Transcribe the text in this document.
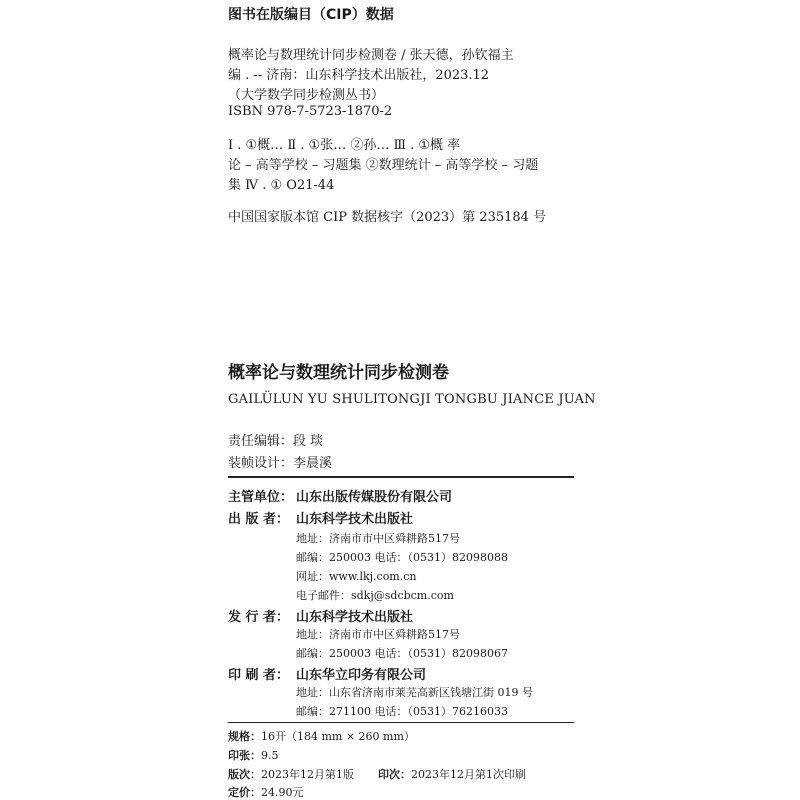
图书在版编目（CIP）数据
概率论与数理统计同步检测卷 / 张天德，孙钦福主
编 . -- 济南：山东科学技术出版社，2023.12
（大学数学同步检测丛书）
ISBN 978-7-5723-1870-2
Ⅰ . ①概… Ⅱ . ①张… ②孙… Ⅲ . ①概 率
论 – 高等学校 – 习题集 ②数理统计 – 高等学校 – 习题
集 Ⅳ . ① O21-44
中国国家版本馆 CIP 数据核字（2023）第 235184 号
概率论与数理统计同步检测卷
GAILÜLUN YU SHULITONGJI TONGBU JIANCE JUAN
责任编辑：段 琰
装帧设计：李晨溪
主管单位： 山东出版传媒股份有限公司
出 版 者： 山东科学技术出版社
地址：济南市市中区舜耕路517号
邮编：250003 电话：（0531）82098088
网址：www.lkj.com.cn
电子邮件：sdkj@sdcbcm.com
发 行 者： 山东科学技术出版社
地址：济南市市中区舜耕路517号
邮编：250003 电话：（0531）82098067
印 刷 者： 山东华立印务有限公司
地址：山东省济南市莱芜高新区钱塘江街 019 号
邮编：271100 电话：（0531）76216033
规格：16开（184 mm × 260 mm）
印张：9.5
版次：2023年12月第1版 印次：2023年12月第1次印刷
定价：24.90元
